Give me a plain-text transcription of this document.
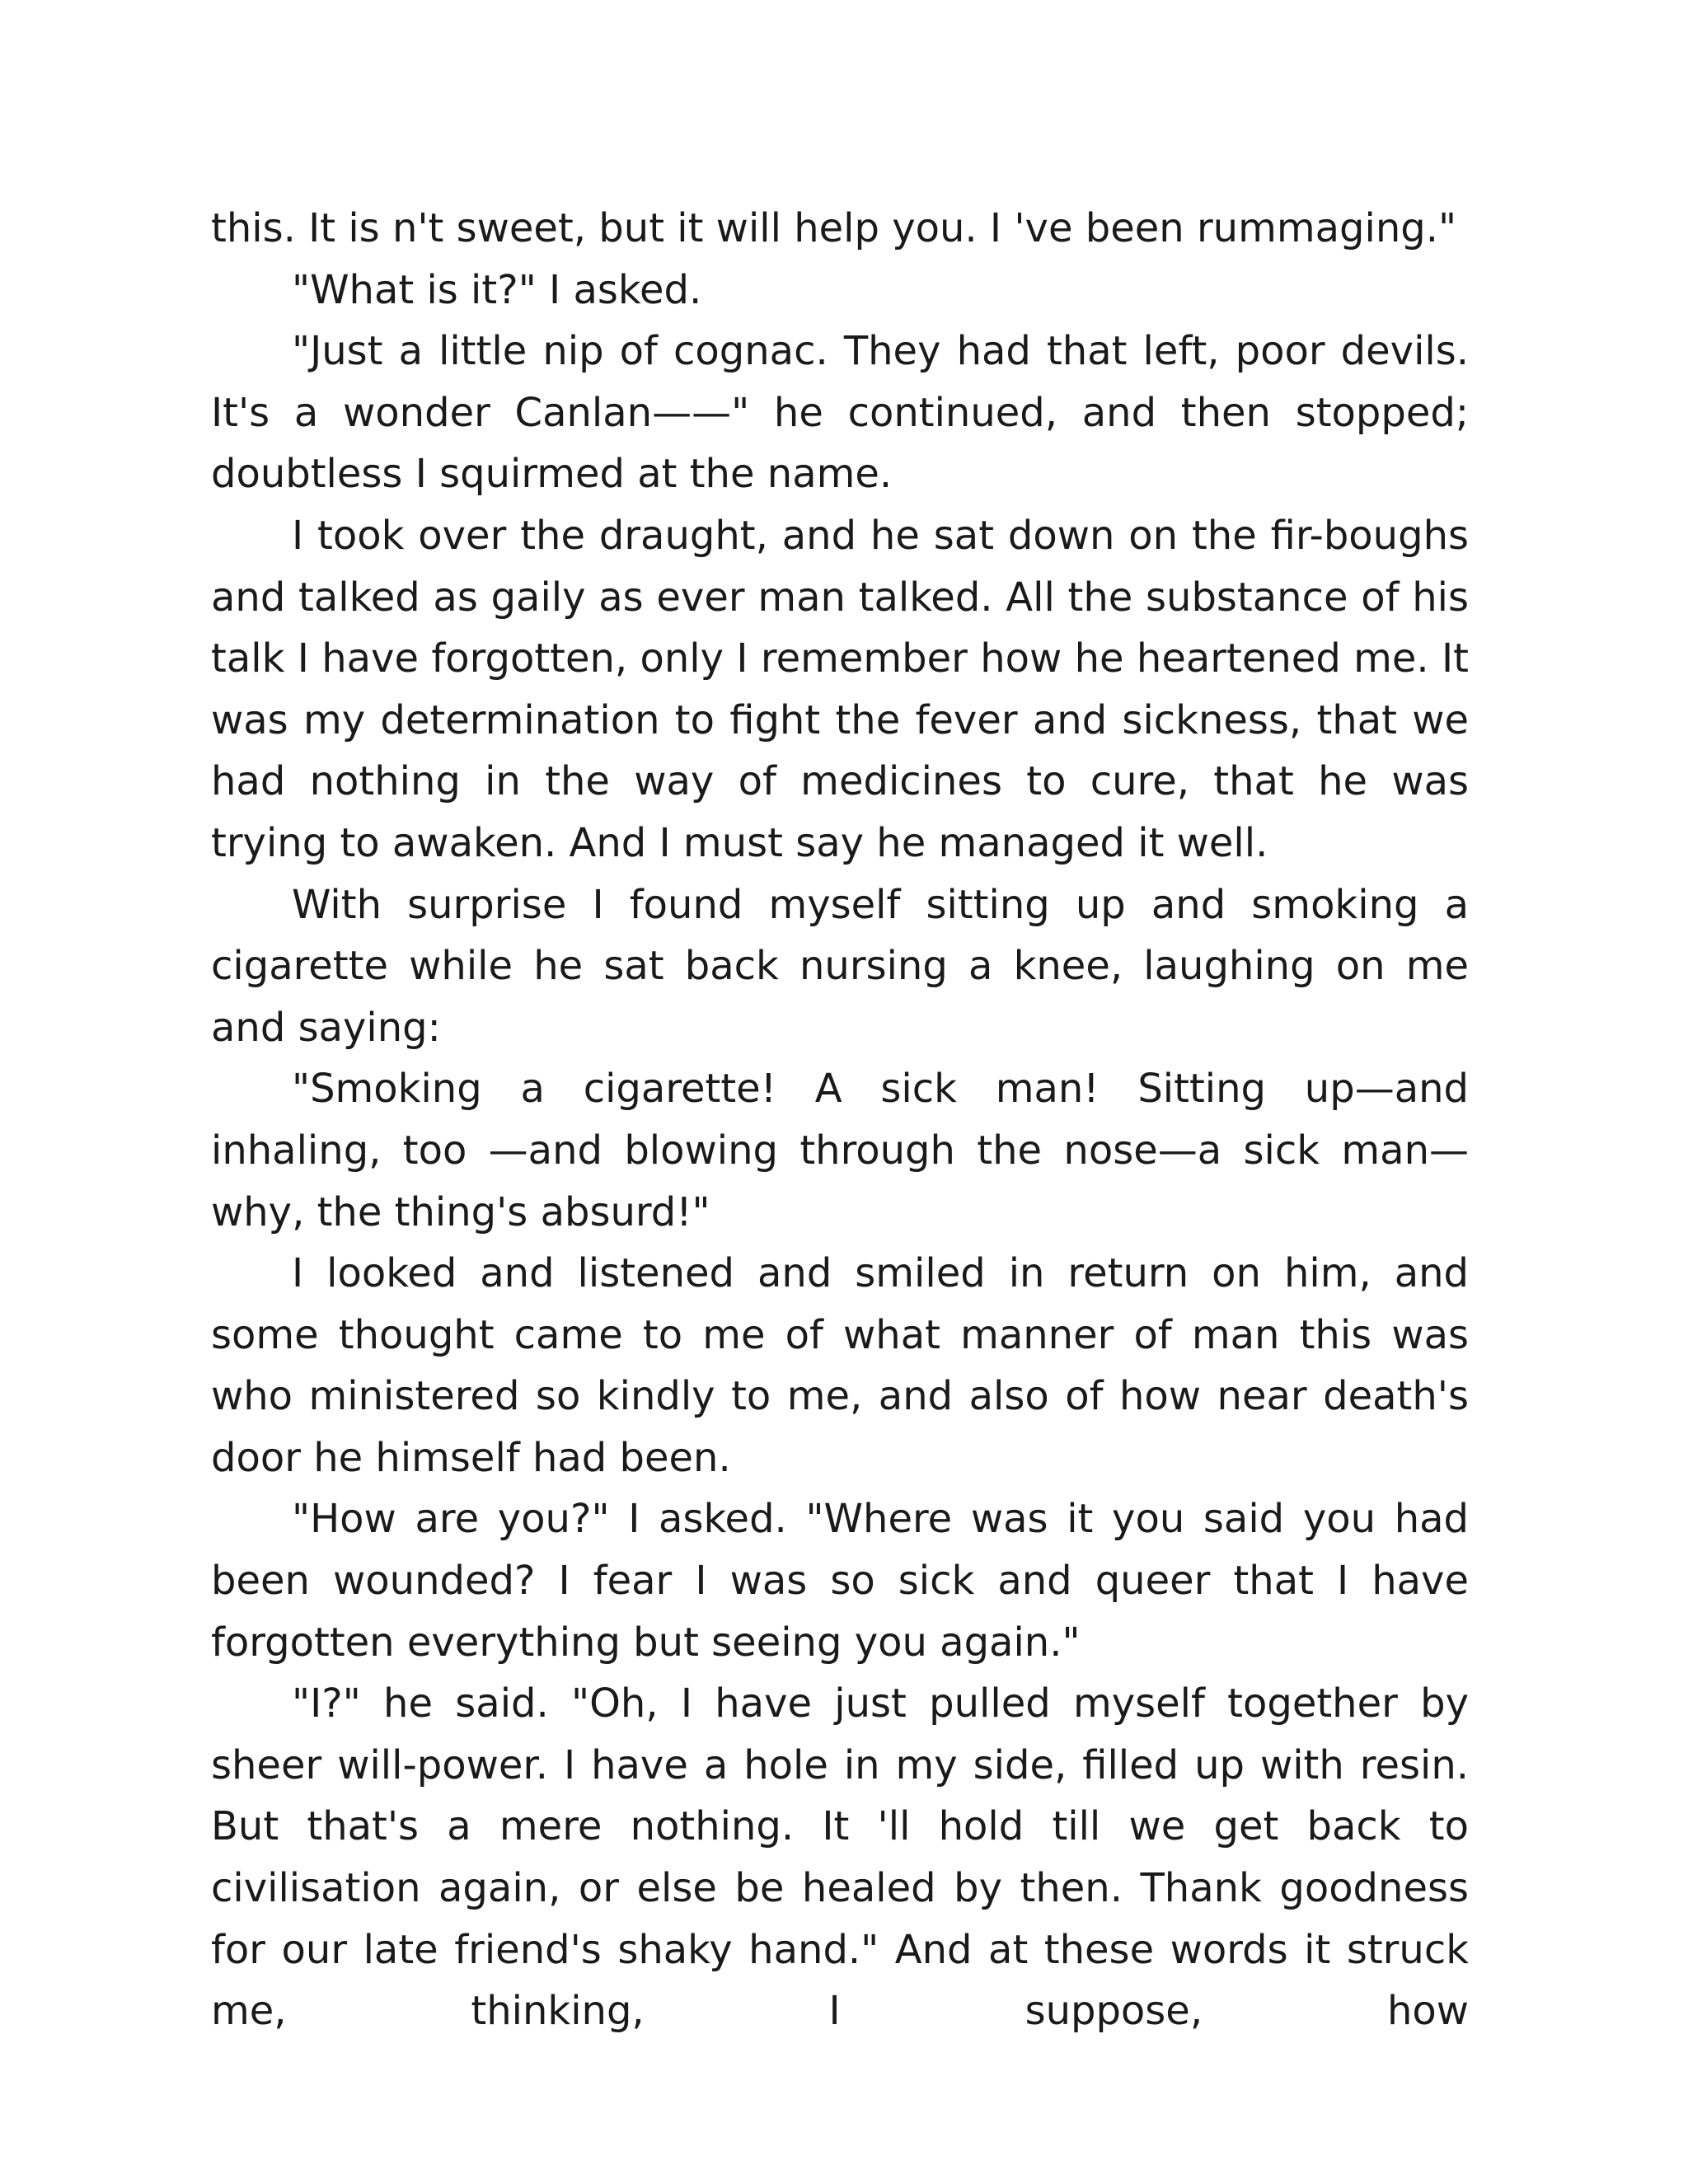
this. It is n't sweet, but it will help you. I 've been rummaging."

"What is it?" I asked.

"Just a little nip of cognac. They had that left, poor devils. It's a wonder Canlan——" he continued, and then stopped; doubtless I squirmed at the name.

I took over the draught, and he sat down on the fir-boughs and talked as gaily as ever man talked. All the substance of his talk I have forgotten, only I remember how he heartened me. It was my determination to fight the fever and sickness, that we had nothing in the way of medicines to cure, that he was trying to awaken. And I must say he managed it well.

With surprise I found myself sitting up and smoking a cigarette while he sat back nursing a knee, laughing on me and saying:

"Smoking a cigarette! A sick man! Sitting up—and inhaling, too —and blowing through the nose—a sick man—why, the thing's absurd!"

I looked and listened and smiled in return on him, and some thought came to me of what manner of man this was who ministered so kindly to me, and also of how near death's door he himself had been.

"How are you?" I asked. "Where was it you said you had been wounded? I fear I was so sick and queer that I have forgotten everything but seeing you again."

"I?" he said. "Oh, I have just pulled myself together by sheer will-power. I have a hole in my side, filled up with resin. But that's a mere nothing. It 'll hold till we get back to civilisation again, or else be healed by then. Thank goodness for our late friend's shaky hand." And at these words it struck me, thinking, I suppose, how
